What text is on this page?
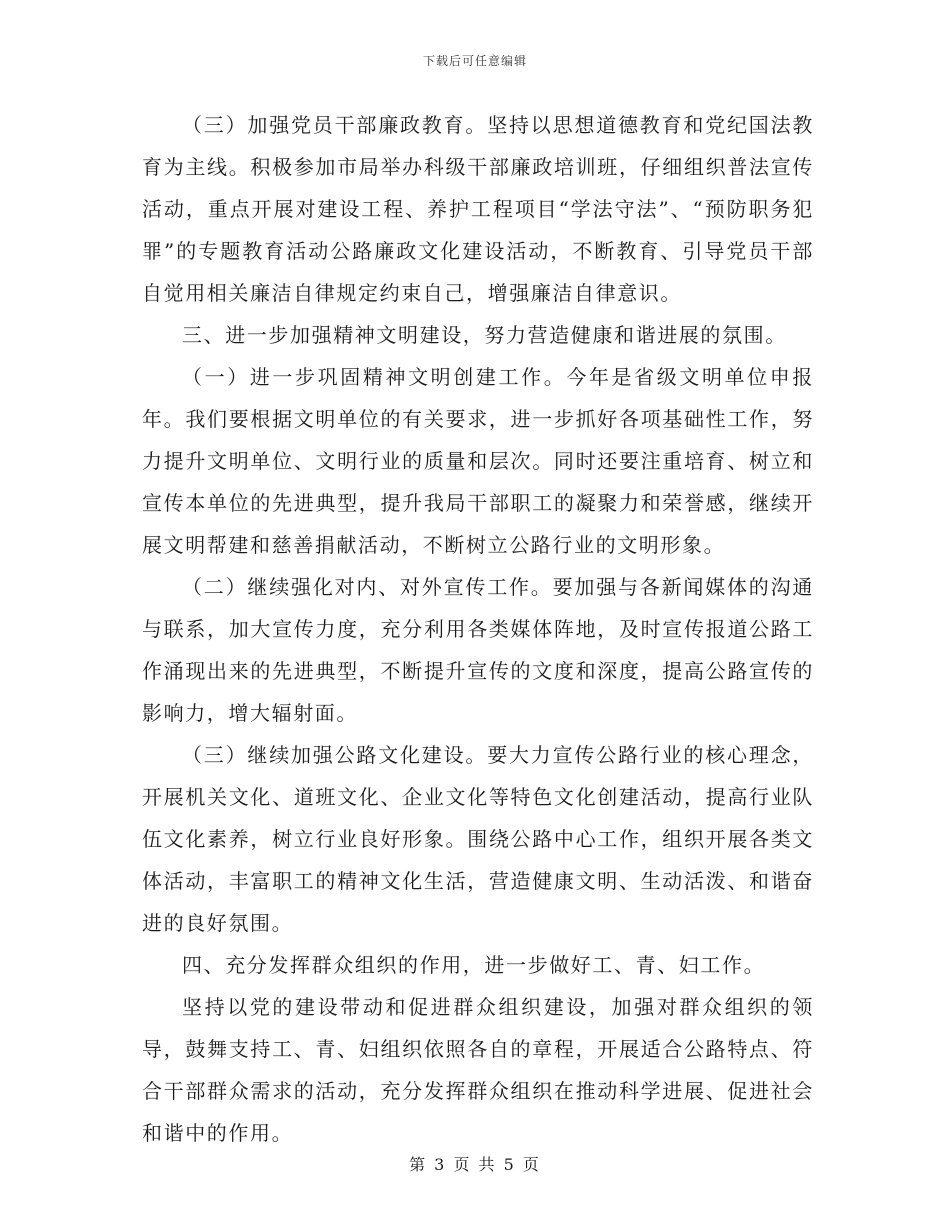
下载后可任意编辑

（三）加强党员干部廉政教育。坚持以思想道德教育和党纪国法教育为主线。积极参加市局举办科级干部廉政培训班，仔细组织普法宣传活动，重点开展对建设工程、养护工程项目“学法守法”、“预防职务犯罪”的专题教育活动公路廉政文化建设活动，不断教育、引导党员干部自觉用相关廉洁自律规定约束自己，增强廉洁自律意识。

三、进一步加强精神文明建设，努力营造健康和谐进展的氛围。

（一）进一步巩固精神文明创建工作。今年是省级文明单位申报年。我们要根据文明单位的有关要求，进一步抓好各项基础性工作，努力提升文明单位、文明行业的质量和层次。同时还要注重培育、树立和宣传本单位的先进典型，提升我局干部职工的凝聚力和荣誉感，继续开展文明帮建和慈善捐献活动，不断树立公路行业的文明形象。

（二）继续强化对内、对外宣传工作。要加强与各新闻媒体的沟通与联系，加大宣传力度，充分利用各类媒体阵地，及时宣传报道公路工作涌现出来的先进典型，不断提升宣传的文度和深度，提高公路宣传的影响力，增大辐射面。

（三）继续加强公路文化建设。要大力宣传公路行业的核心理念，开展机关文化、道班文化、企业文化等特色文化创建活动，提高行业队伍文化素养，树立行业良好形象。围绕公路中心工作，组织开展各类文体活动，丰富职工的精神文化生活，营造健康文明、生动活泼、和谐奋进的良好氛围。

四、充分发挥群众组织的作用，进一步做好工、青、妇工作。

坚持以党的建设带动和促进群众组织建设，加强对群众组织的领导，鼓舞支持工、青、妇组织依照各自的章程，开展适合公路特点、符合干部群众需求的活动，充分发挥群众组织在推动科学进展、促进社会和谐中的作用。

第 3 页 共 5 页
